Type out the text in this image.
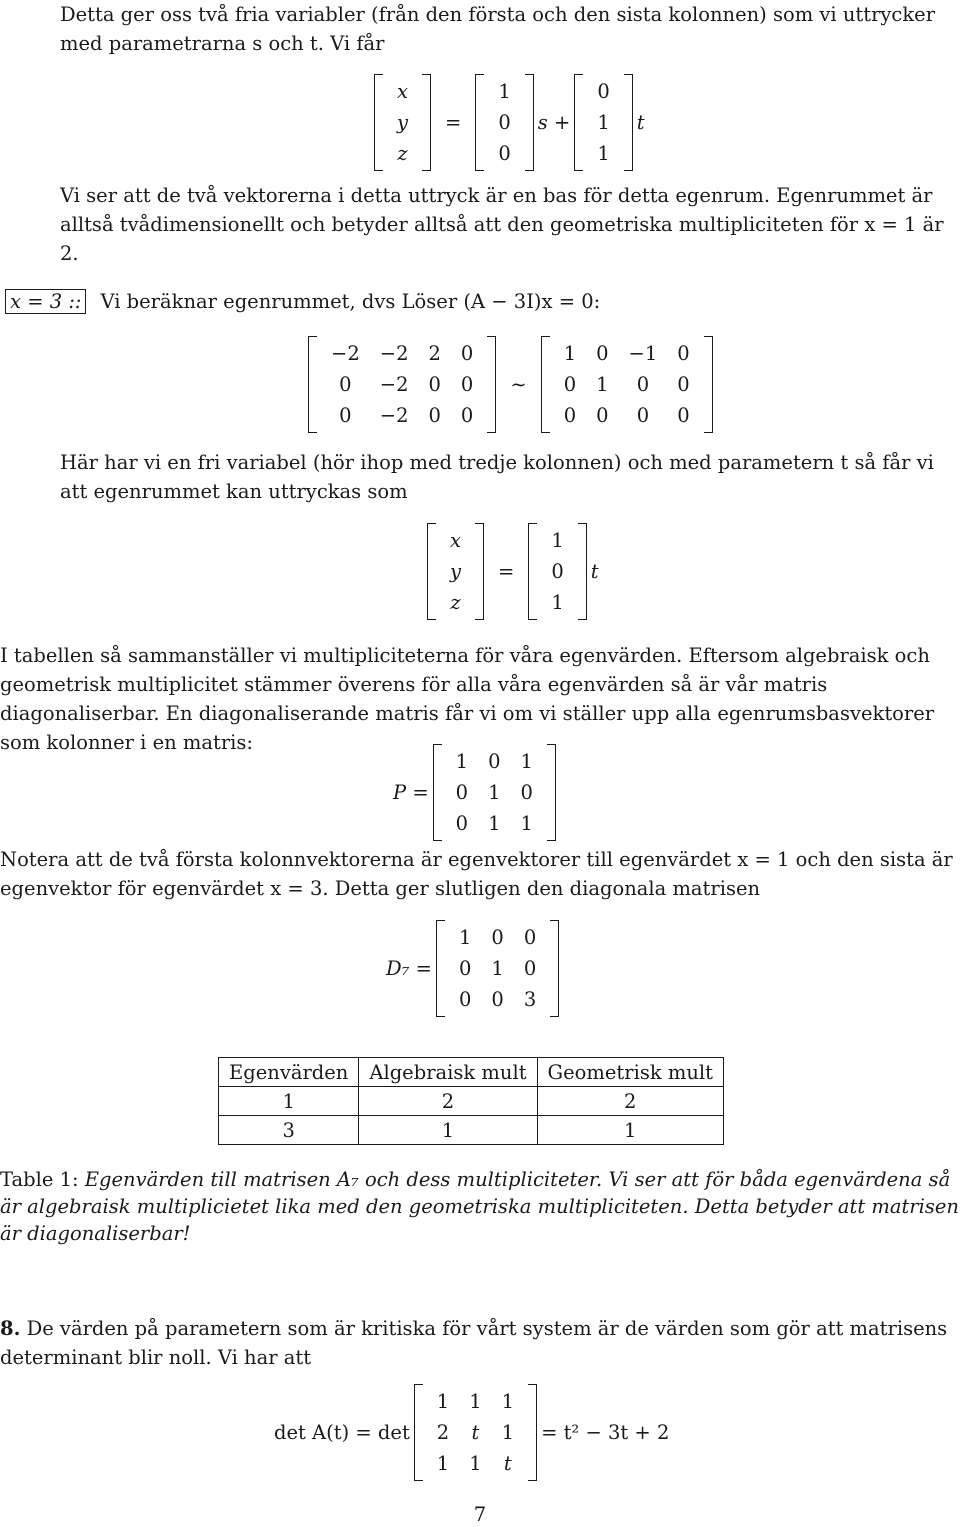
Detta ger oss två fria variabler (från den första och den sista kolonnen) som vi uttrycker med parametrarna s och t. Vi får
x
y
z
=
1
0
0
s +
0
1
1
t
Vi ser att de två vektorerna i detta uttryck är en bas för detta egenrum. Egenrummet är alltså tvådimensionellt och betyder alltså att den geometriska multipliciteten för x = 1 är 2.
x = 3 :: Vi beräknar egenrummet, dvs Löser (A − 3I)x = 0:
−2	−2	2	0
0	−2	0	0
0	−2	0	0
∼
1	0	−1	0
0	1	0	0
0	0	0	0
Här har vi en fri variabel (hör ihop med tredje kolonnen) och med parametern t så får vi att egenrummet kan uttryckas som
x
y
z
=
1
0
1
t
I tabellen så sammanställer vi multipliciteterna för våra egenvärden. Eftersom algebraisk och geometrisk multiplicitet stämmer överens för alla våra egenvärden så är vår matris diagonaliserbar. En diagonaliserande matris får vi om vi ställer upp alla egenrumsbasvektorer som kolonner i en matris:
P =
1	0	1
0	1	0
0	1	1
Notera att de två första kolonnvektorerna är egenvektorer till egenvärdet x = 1 och den sista är egenvektor för egenvärdet x = 3. Detta ger slutligen den diagonala matrisen
D₇ =
1	0	0
0	1	0
0	0	3
Egenvärden	Algebraisk mult	Geometrisk mult
1	2	2
3	1	1
Table 1: Egenvärden till matrisen A₇ och dess multipliciteter. Vi ser att för båda egenvärdena så är algebraisk multiplicietet lika med den geometriska multipliciteten. Detta betyder att matrisen är diagonaliserbar!
8. De värden på parametern som är kritiska för vårt system är de värden som gör att matrisens determinant blir noll. Vi har att
det A(t) = det
1	1	1
2	t	1
1	1	t
= t² − 3t + 2
7
